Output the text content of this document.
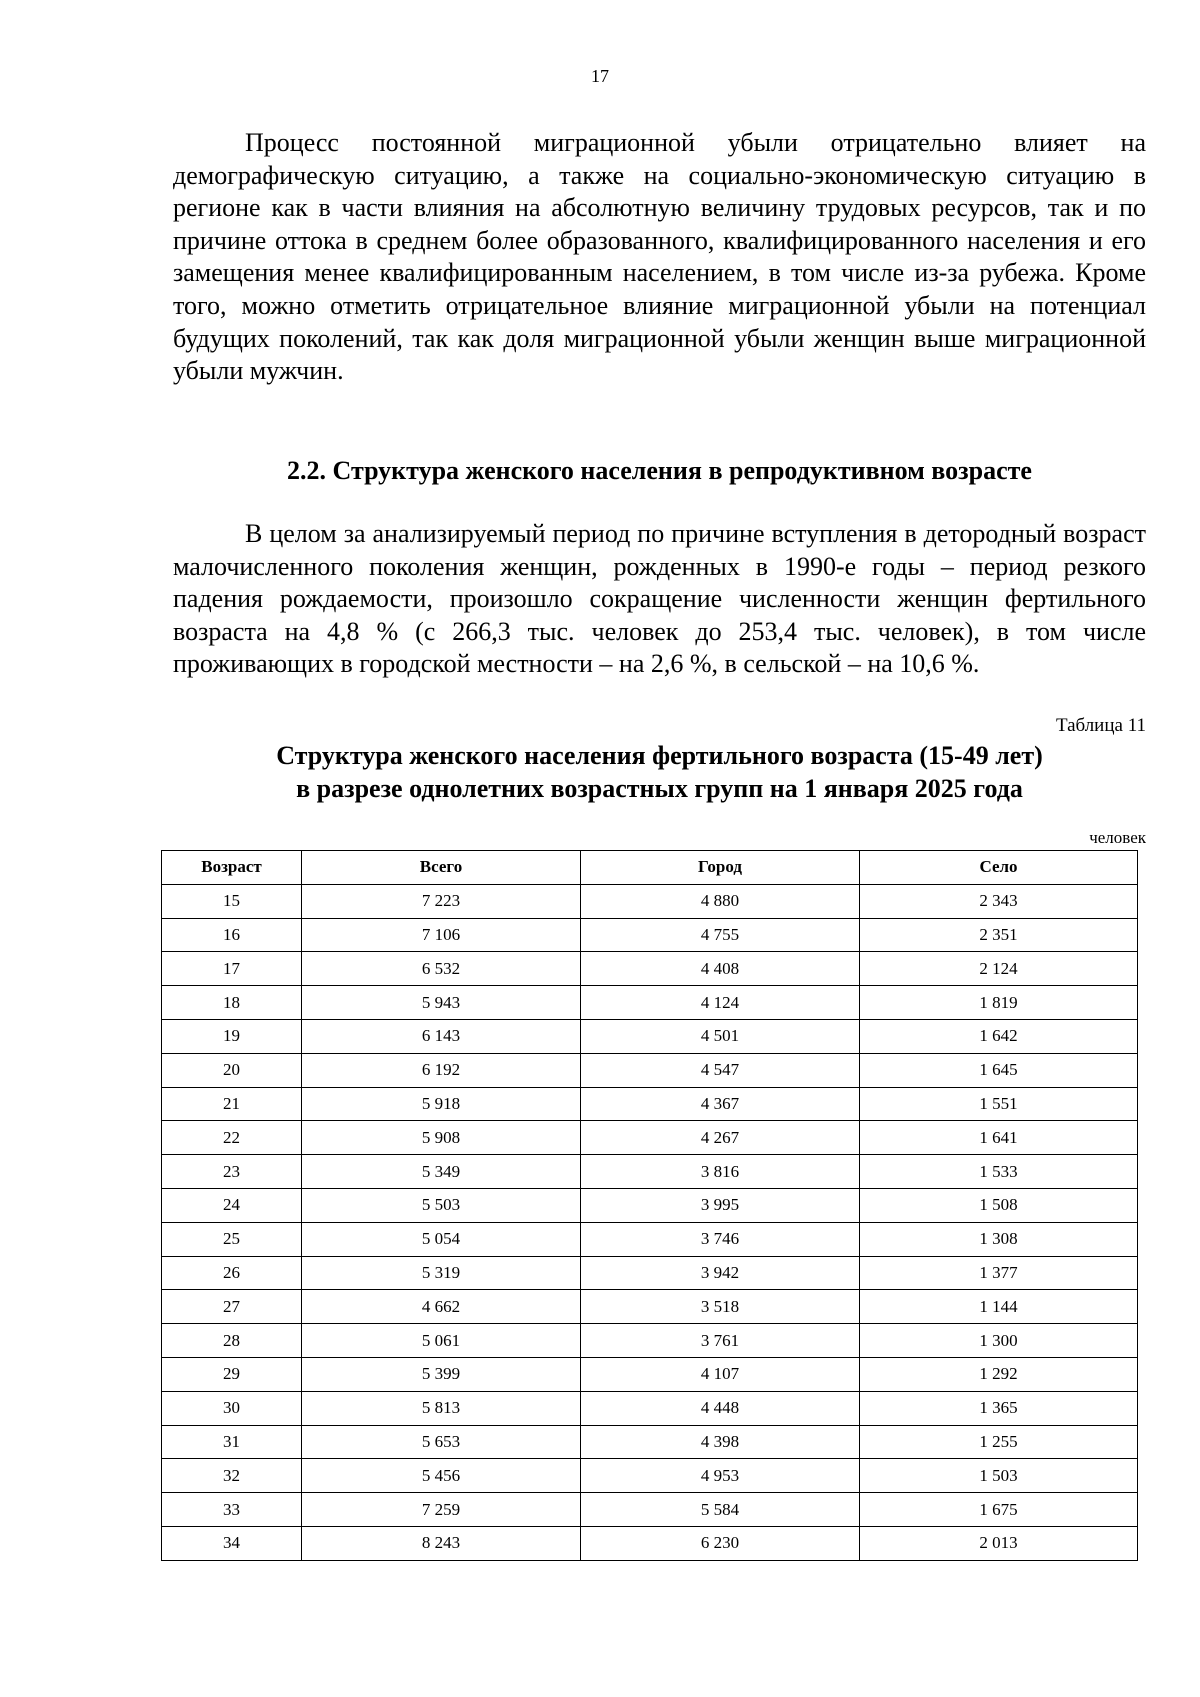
17

Процесс постоянной миграционной убыли отрицательно влияет на демографическую ситуацию, а также на социально-экономическую ситуацию в регионе как в части влияния на абсолютную величину трудовых ресурсов, так и по причине оттока в среднем более образованного, квалифицированного населения и его замещения менее квалифицированным населением, в том числе из-за рубежа. Кроме того, можно отметить отрицательное влияние миграционной убыли на потенциал будущих поколений, так как доля миграционной убыли женщин выше миграционной убыли мужчин.

2.2. Структура женского населения в репродуктивном возрасте

В целом за анализируемый период по причине вступления в детородный возраст малочисленного поколения женщин, рожденных в 1990-е годы – период резкого падения рождаемости, произошло сокращение численности женщин фертильного возраста на 4,8 % (с 266,3 тыс. человек до 253,4 тыс. человек), в том числе проживающих в городской местности – на 2,6 %, в сельской – на 10,6 %.

Таблица 11
Структура женского населения фертильного возраста (15-49 лет)
в разрезе однолетних возрастных групп на 1 января 2025 года
человек
Возраст	Всего	Город	Село
15	7 223	4 880	2 343
16	7 106	4 755	2 351
17	6 532	4 408	2 124
18	5 943	4 124	1 819
19	6 143	4 501	1 642
20	6 192	4 547	1 645
21	5 918	4 367	1 551
22	5 908	4 267	1 641
23	5 349	3 816	1 533
24	5 503	3 995	1 508
25	5 054	3 746	1 308
26	5 319	3 942	1 377
27	4 662	3 518	1 144
28	5 061	3 761	1 300
29	5 399	4 107	1 292
30	5 813	4 448	1 365
31	5 653	4 398	1 255
32	5 456	4 953	1 503
33	7 259	5 584	1 675
34	8 243	6 230	2 013
